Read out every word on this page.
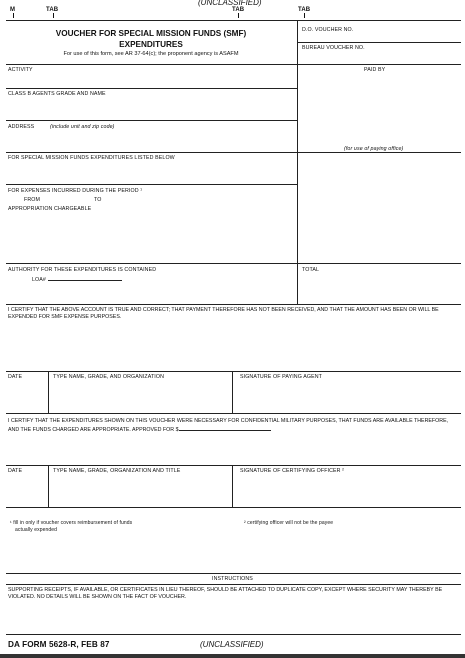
(UNCLASSIFIED)
M	TAB	TAB	TAB
VOUCHER FOR SPECIAL MISSION FUNDS (SMF)
EXPENDITURES
For use of this form, see AR 37-64(c); the proponent agency is ASAFM
D.O. VOUCHER NO.
BUREAU VOUCHER NO.
ACTIVITY	PAID BY
CLASS B AGENTS GRADE AND NAME
ADDRESS	(include unit and zip code)
(for use of paying office)
FOR SPECIAL MISSION FUNDS EXPENDITURES LISTED BELOW
FOR EXPENSES INCURRED DURING THE PERIOD ¹
FROM	TO
APPROPRIATION CHARGEABLE
AUTHORITY FOR THESE EXPENDITURES IS CONTAINED
LOA#
TOTAL
I CERTIFY THAT THE ABOVE ACCOUNT IS TRUE AND CORRECT; THAT PAYMENT THEREFORE HAS NOT BEEN RECEIVED, AND THAT THE AMOUNT HAS BEEN OR WILL BE EXPENDED FOR SMF EXPENSE PURPOSES.
DATE	TYPE NAME, GRADE, AND ORGANIZATION	SIGNATURE OF PAYING AGENT
I CERTIFY THAT THE EXPENDITURES SHOWN ON THIS VOUCHER WERE NECESSARY FOR CONFIDENTIAL MILITARY PURPOSES, THAT FUNDS ARE AVAILABLE THEREFORE, AND THE FUNDS CHARGED ARE APPROPRIATE. APPROVED FOR $
DATE	TYPE NAME, GRADE, ORGANIZATION AND TITLE	SIGNATURE OF CERTIFYING OFFICER ²
¹ fill in only if voucher covers reimbursement of funds
actually expended
² certifying officer will not be the payee
INSTRUCTIONS
SUPPORTING RECEIPTS, IF AVAILABLE, OR CERTIFICATES IN LIEU THEREOF, SHOULD BE ATTACHED TO DUPLICATE COPY, EXCEPT WHERE SECURITY MAY THEREBY BE VIOLATED. NO DETAILS WILL BE SHOWN ON THE FACT OF VOUCHER.
DA FORM 5628-R, FEB 87	(UNCLASSIFIED)
